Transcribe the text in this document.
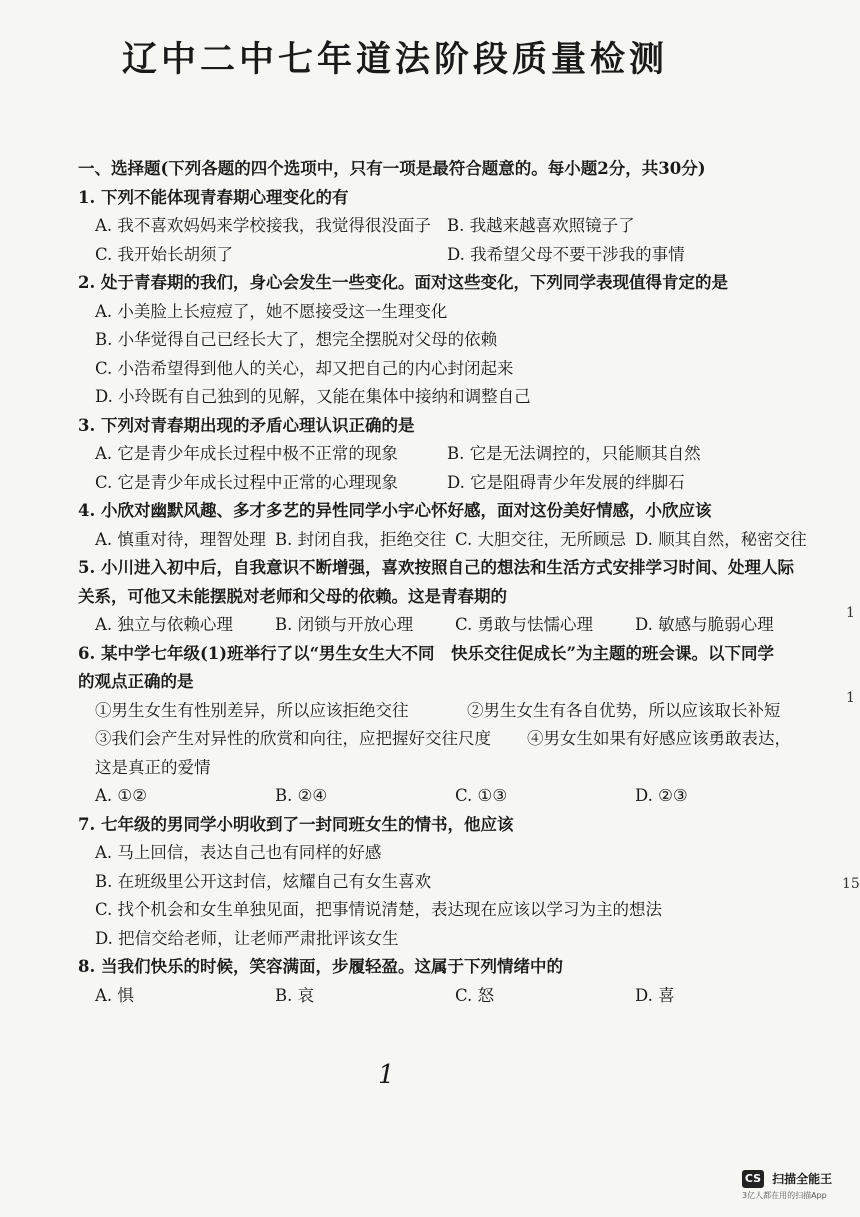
辽中二中七年道法阶段质量检测
一、选择题(下列各题的四个选项中，只有一项是最符合题意的。每小题2分，共30分)
1. 下列不能体现青春期心理变化的有
A. 我不喜欢妈妈来学校接我，我觉得很没面子 B. 我越来越喜欢照镜子了
C. 我开始长胡须了	D. 我希望父母不要干涉我的事情
2. 处于青春期的我们，身心会发生一些变化。面对这些变化，下列同学表现值得肯定的是
A. 小美脸上长痘痘了，她不愿接受这一生理变化
B. 小华觉得自己已经长大了，想完全摆脱对父母的依赖
C. 小浩希望得到他人的关心，却又把自己的内心封闭起来
D. 小玲既有自己独到的见解，又能在集体中接纳和调整自己
3. 下列对青春期出现的矛盾心理认识正确的是
A. 它是青少年成长过程中极不正常的现象	B. 它是无法调控的，只能顺其自然
C. 它是青少年成长过程中正常的心理现象	D. 它是阻碍青少年发展的绊脚石
4. 小欣对幽默风趣、多才多艺的异性同学小宇心怀好感，面对这份美好情感，小欣应该
A. 慎重对待，理智处理 B. 封闭自我，拒绝交往 C. 大胆交往，无所顾忌 D. 顺其自然，秘密交往
5. 小川进入初中后，自我意识不断增强，喜欢按照自己的想法和生活方式安排学习时间、处理人际
关系，可他又未能摆脱对老师和父母的依赖。这是青春期的
A. 独立与依赖心理	B. 闭锁与开放心理	C. 勇敢与怯懦心理	D. 敏感与脆弱心理
6. 某中学七年级(1)班举行了以“男生女生大不同　快乐交往促成长”为主题的班会课。以下同学
的观点正确的是
①男生女生有性别差异，所以应该拒绝交往	②男生女生有各自优势，所以应该取长补短
③我们会产生对异性的欣赏和向往，应把握好交往尺度	④男女生如果有好感应该勇敢表达，
这是真正的爱情
A. ①②	B. ②④	C. ①③	D. ②③
7. 七年级的男同学小明收到了一封同班女生的情书，他应该
A. 马上回信，表达自己也有同样的好感
B. 在班级里公开这封信，炫耀自己有女生喜欢
C. 找个机会和女生单独见面，把事情说清楚，表达现在应该以学习为主的想法
D. 把信交给老师，让老师严肃批评该女生
8. 当我们快乐的时候，笑容满面，步履轻盈。这属于下列情绪中的
A. 惧	B. 哀	C. 怒	D. 喜
1
1
15
1
CS 扫描全能王
3亿人都在用的扫描App
